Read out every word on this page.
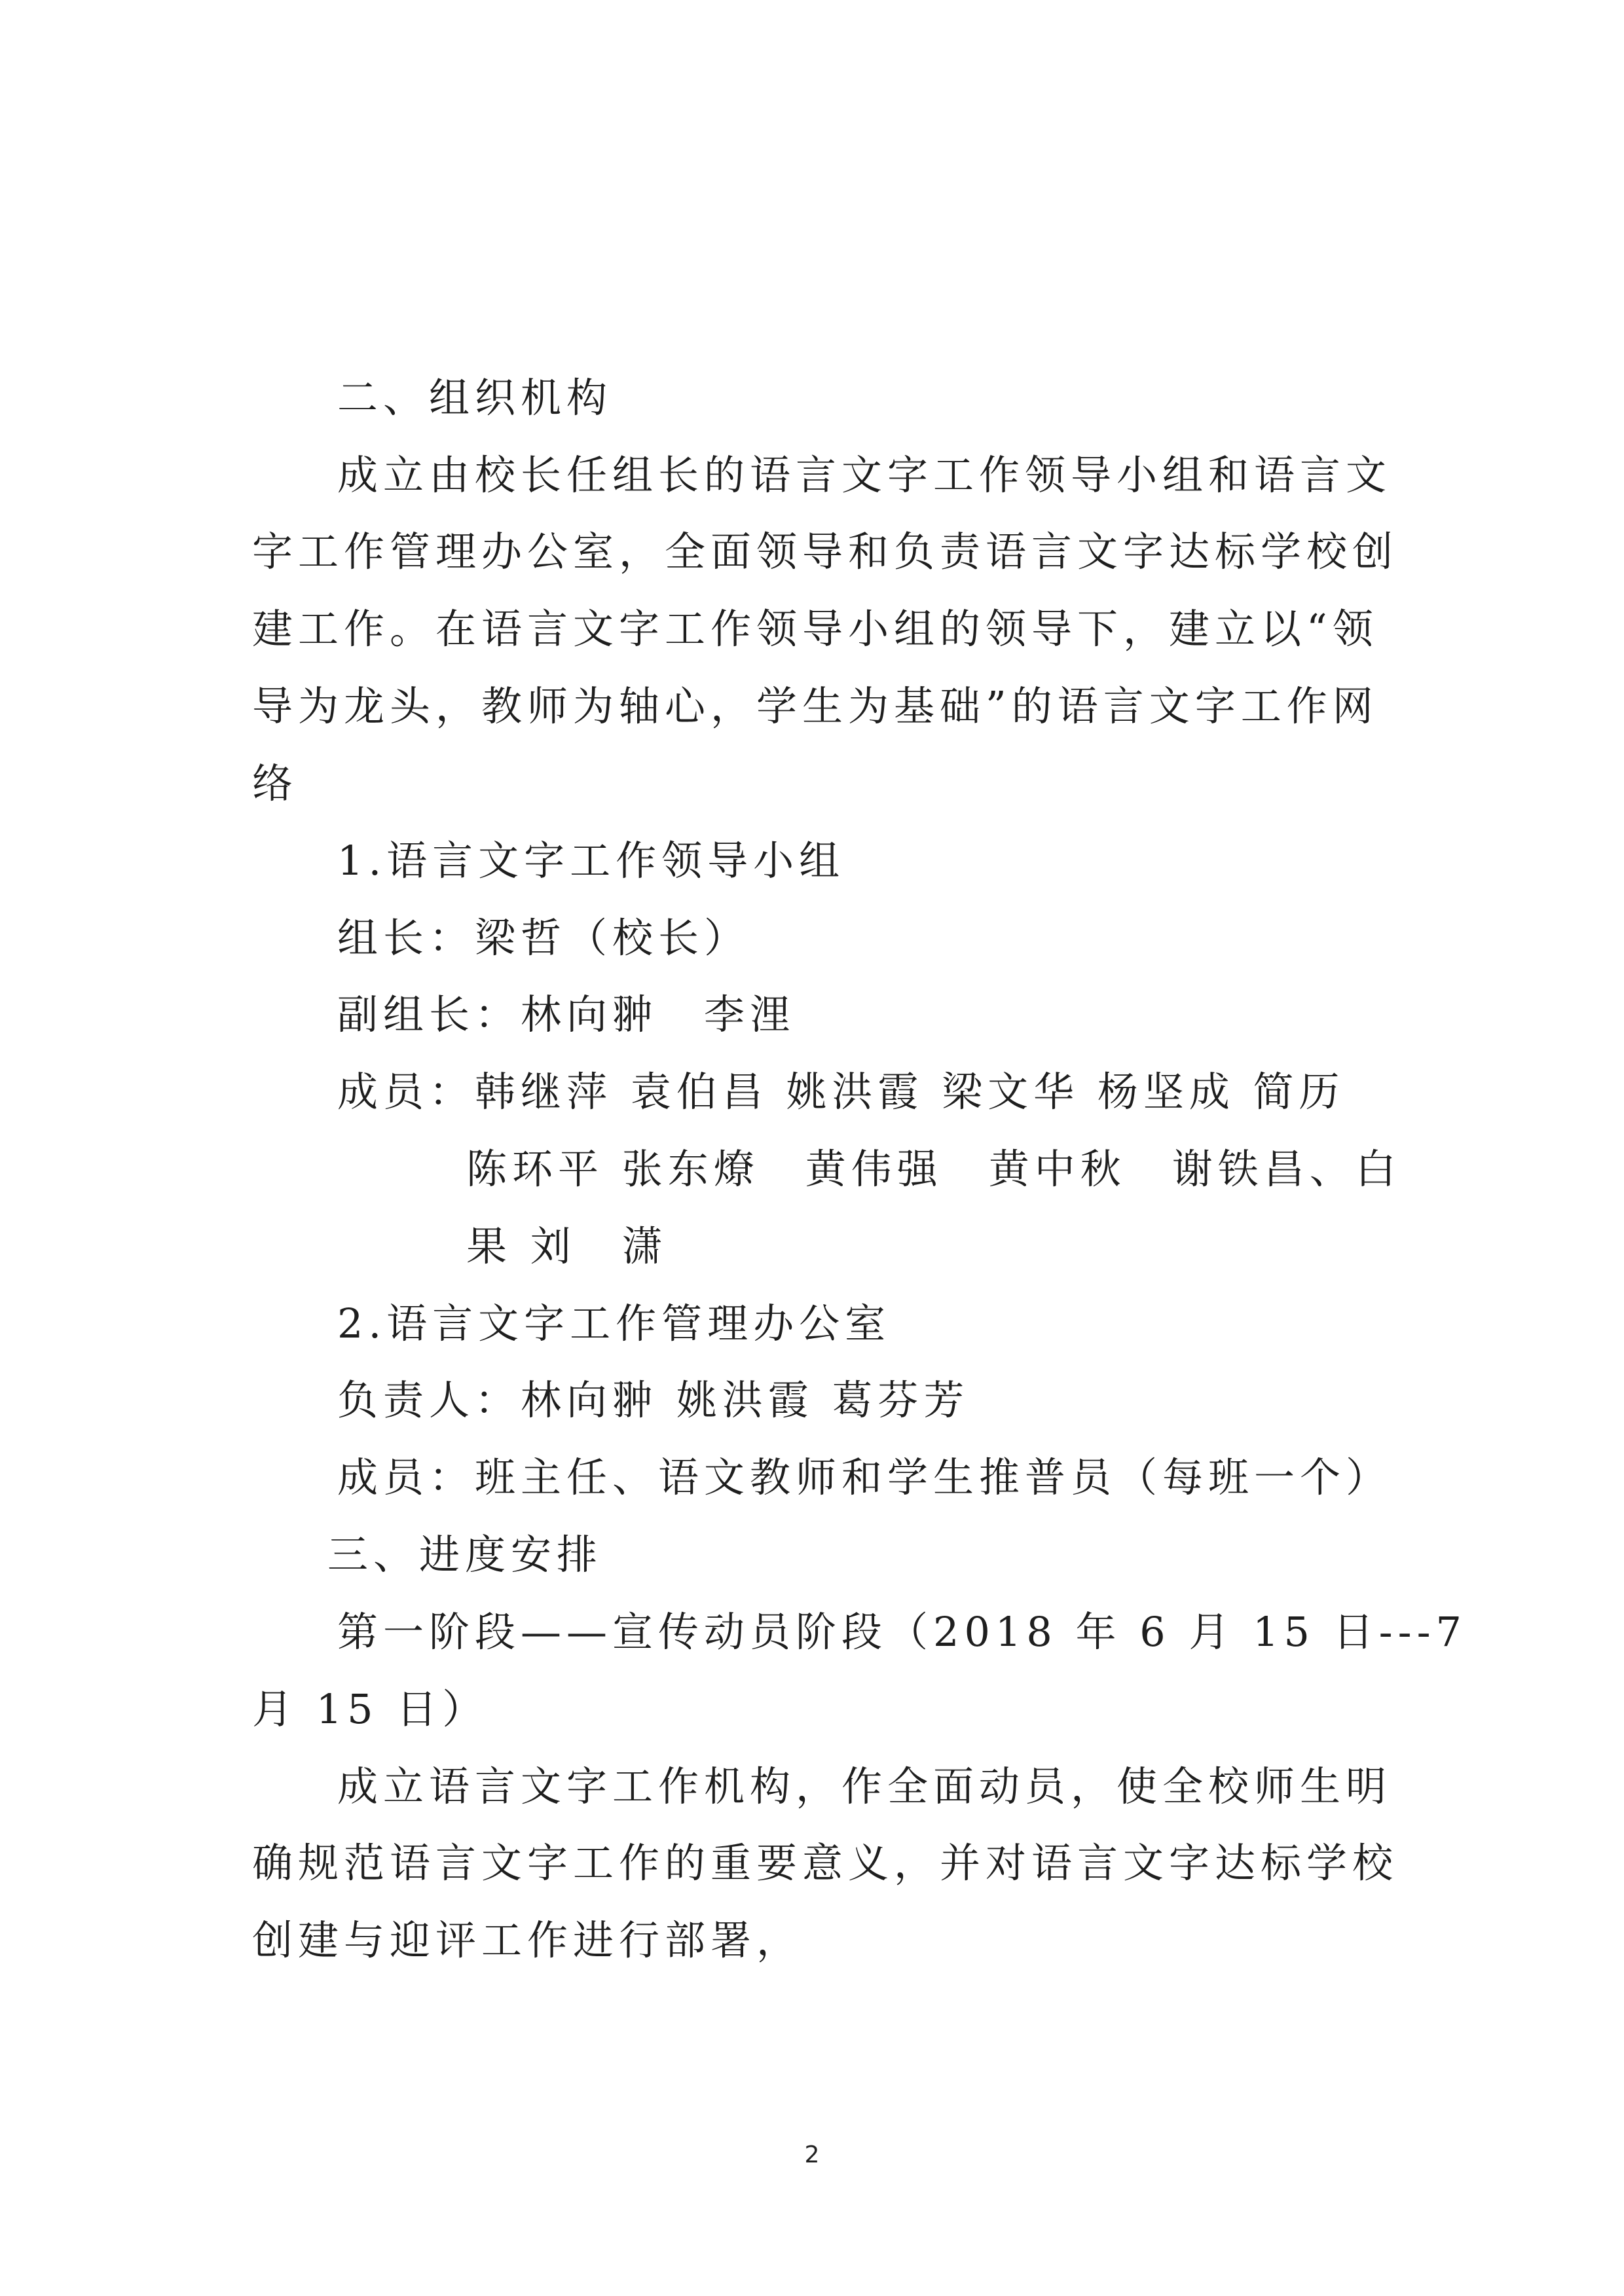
二、组织机构
成立由校长任组长的语言文字工作领导小组和语言文
字工作管理办公室，全面领导和负责语言文字达标学校创
建工作。在语言文字工作领导小组的领导下，建立以“领
导为龙头，教师为轴心，学生为基础”的语言文字工作网
络
1.语言文字工作领导小组
组长：梁哲（校长）
副组长：林向翀　李浬
成员：韩继萍 袁伯昌 姚洪霞 梁文华 杨坚成 简历
陈环平 张东燎　黄伟强　黄中秋　谢铁昌、白
果 刘　潇
2.语言文字工作管理办公室
负责人：林向翀 姚洪霞 葛芬芳
成员：班主任、语文教师和学生推普员（每班一个）
三、进度安排
第一阶段——宣传动员阶段（2018 年 6 月 15 日---7
月 15 日）
成立语言文字工作机构，作全面动员，使全校师生明
确规范语言文字工作的重要意义，并对语言文字达标学校
创建与迎评工作进行部署，
2
